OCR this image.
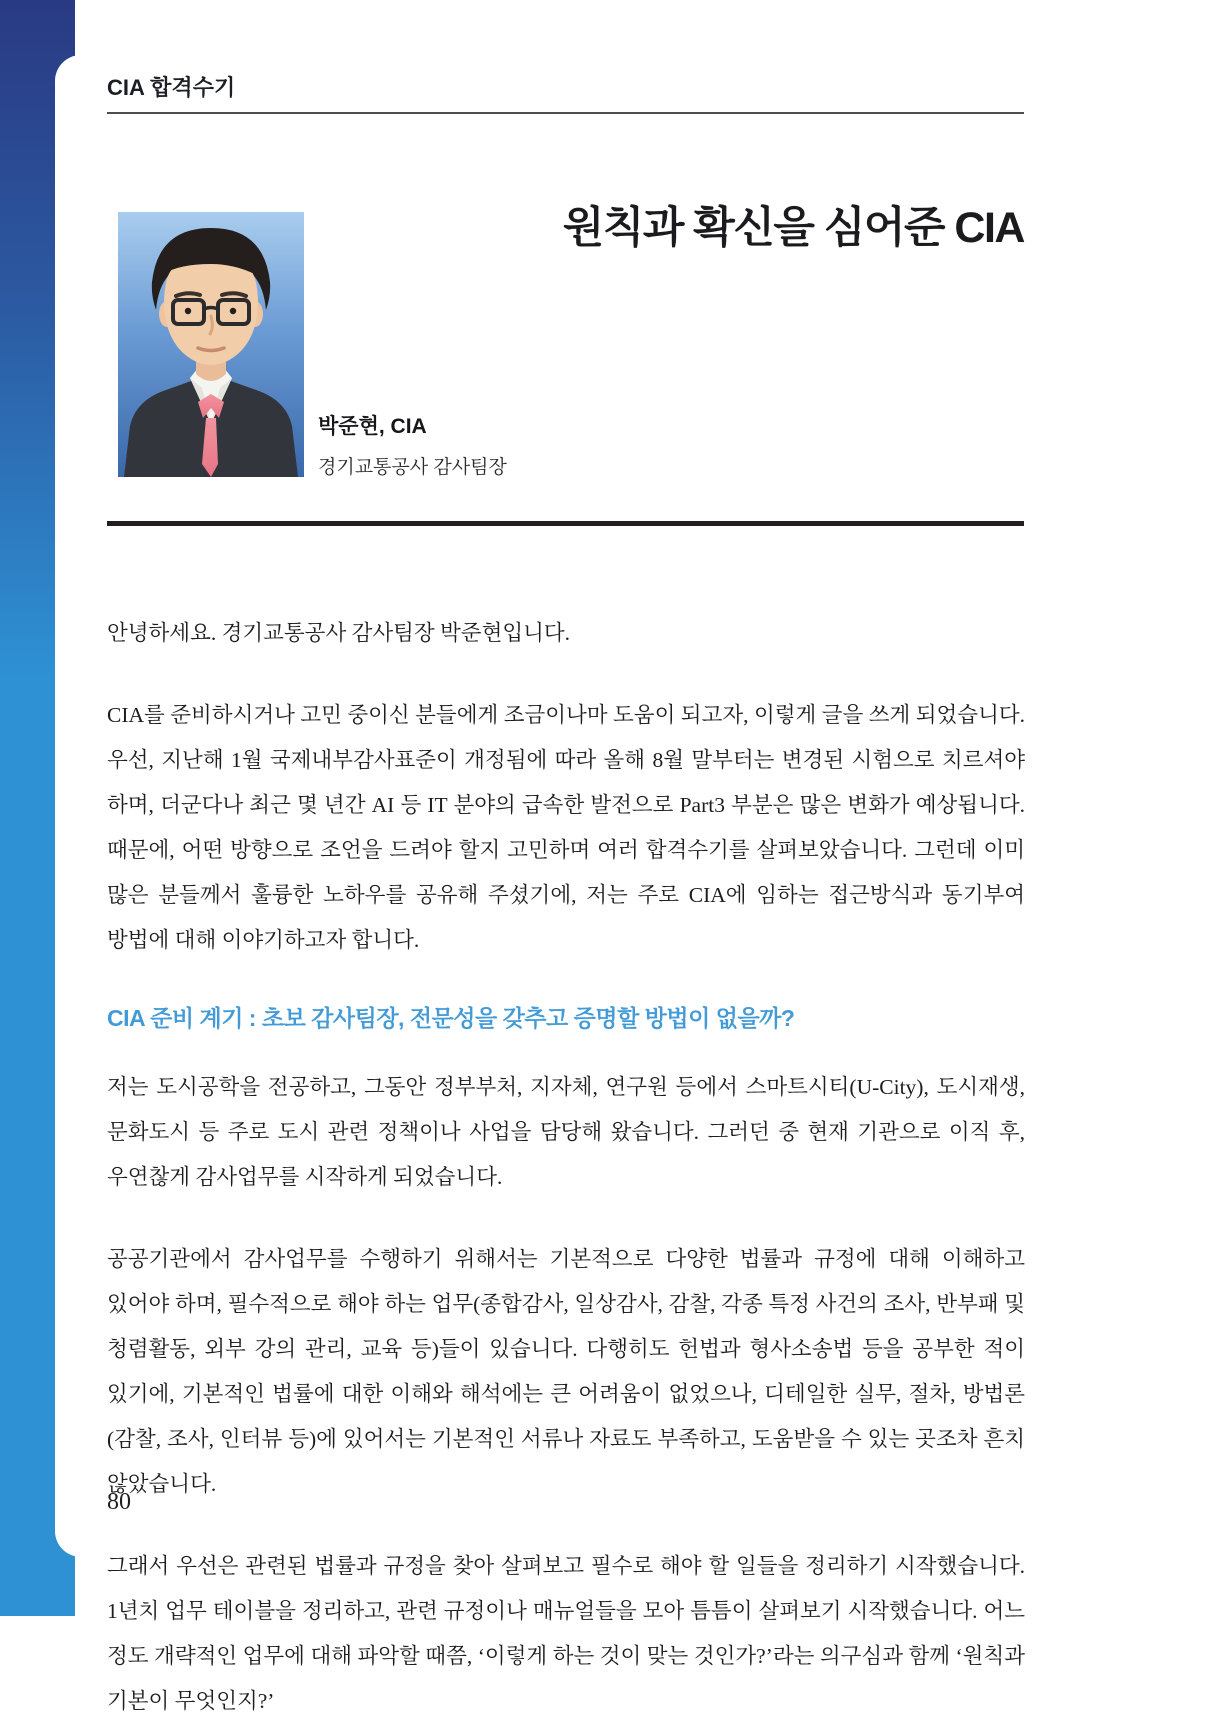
CIA 합격수기
원칙과 확신을 심어준 CIA
박준현, CIA
경기교통공사 감사팀장

안녕하세요. 경기교통공사 감사팀장 박준현입니다.

CIA를 준비하시거나 고민 중이신 분들에게 조금이나마 도움이 되고자, 이렇게 글을 쓰게 되었습니다. 우선, 지난해 1월 국제내부감사표준이 개정됨에 따라 올해 8월 말부터는 변경된 시험으로 치르셔야 하며, 더군다나 최근 몇 년간 AI 등 IT 분야의 급속한 발전으로 Part3 부분은 많은 변화가 예상됩니다. 때문에, 어떤 방향으로 조언을 드려야 할지 고민하며 여러 합격수기를 살펴보았습니다. 그런데 이미 많은 분들께서 훌륭한 노하우를 공유해 주셨기에, 저는 주로 CIA에 임하는 접근방식과 동기부여 방법에 대해 이야기하고자 합니다.

CIA 준비 계기 : 초보 감사팀장, 전문성을 갖추고 증명할 방법이 없을까?

저는 도시공학을 전공하고, 그동안 정부부처, 지자체, 연구원 등에서 스마트시티(U-City), 도시재생, 문화도시 등 주로 도시 관련 정책이나 사업을 담당해 왔습니다. 그러던 중 현재 기관으로 이직 후, 우연찮게 감사업무를 시작하게 되었습니다.

공공기관에서 감사업무를 수행하기 위해서는 기본적으로 다양한 법률과 규정에 대해 이해하고 있어야 하며, 필수적으로 해야 하는 업무(종합감사, 일상감사, 감찰, 각종 특정 사건의 조사, 반부패 및 청렴활동, 외부 강의 관리, 교육 등)들이 있습니다. 다행히도 헌법과 형사소송법 등을 공부한 적이 있기에, 기본적인 법률에 대한 이해와 해석에는 큰 어려움이 없었으나, 디테일한 실무, 절차, 방법론(감찰, 조사, 인터뷰 등)에 있어서는 기본적인 서류나 자료도 부족하고, 도움받을 수 있는 곳조차 흔치 않았습니다.

그래서 우선은 관련된 법률과 규정을 찾아 살펴보고 필수로 해야 할 일들을 정리하기 시작했습니다. 1년치 업무 테이블을 정리하고, 관련 규정이나 매뉴얼들을 모아 틈틈이 살펴보기 시작했습니다. 어느 정도 개략적인 업무에 대해 파악할 때쯤, ‘이렇게 하는 것이 맞는 것인가?’라는 의구심과 함께 ‘원칙과 기본이 무엇인지?’

80
